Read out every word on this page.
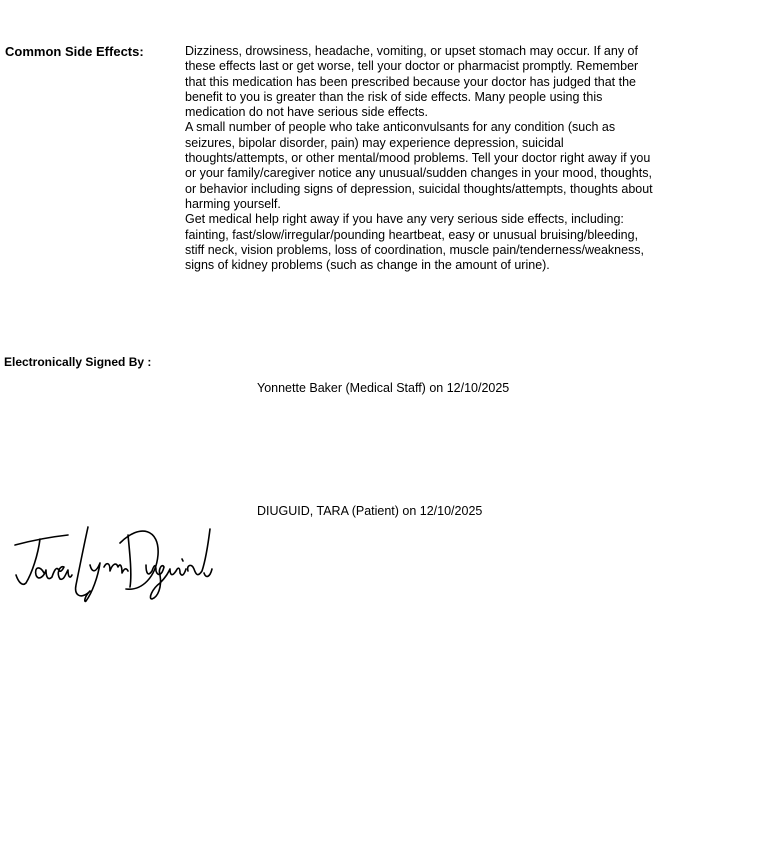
Common Side Effects:	Dizziness, drowsiness, headache, vomiting, or upset stomach may occur. If any of these effects last or get worse, tell your doctor or pharmacist promptly. Remember that this medication has been prescribed because your doctor has judged that the benefit to you is greater than the risk of side effects. Many people using this medication do not have serious side effects.

A small number of people who take anticonvulsants for any condition (such as seizures, bipolar disorder, pain) may experience depression, suicidal thoughts/attempts, or other mental/mood problems. Tell your doctor right away if you or your family/caregiver notice any unusual/sudden changes in your mood, thoughts, or behavior including signs of depression, suicidal thoughts/attempts, thoughts about harming yourself.

Get medical help right away if you have any very serious side effects, including: fainting, fast/slow/irregular/pounding heartbeat, easy or unusual bruising/bleeding, stiff neck, vision problems, loss of coordination, muscle pain/tenderness/weakness, signs of kidney problems (such as change in the amount of urine).

Electronically Signed By :
Yonnette Baker (Medical Staff) on 12/10/2025
DIUGUID, TARA (Patient) on 12/10/2025
